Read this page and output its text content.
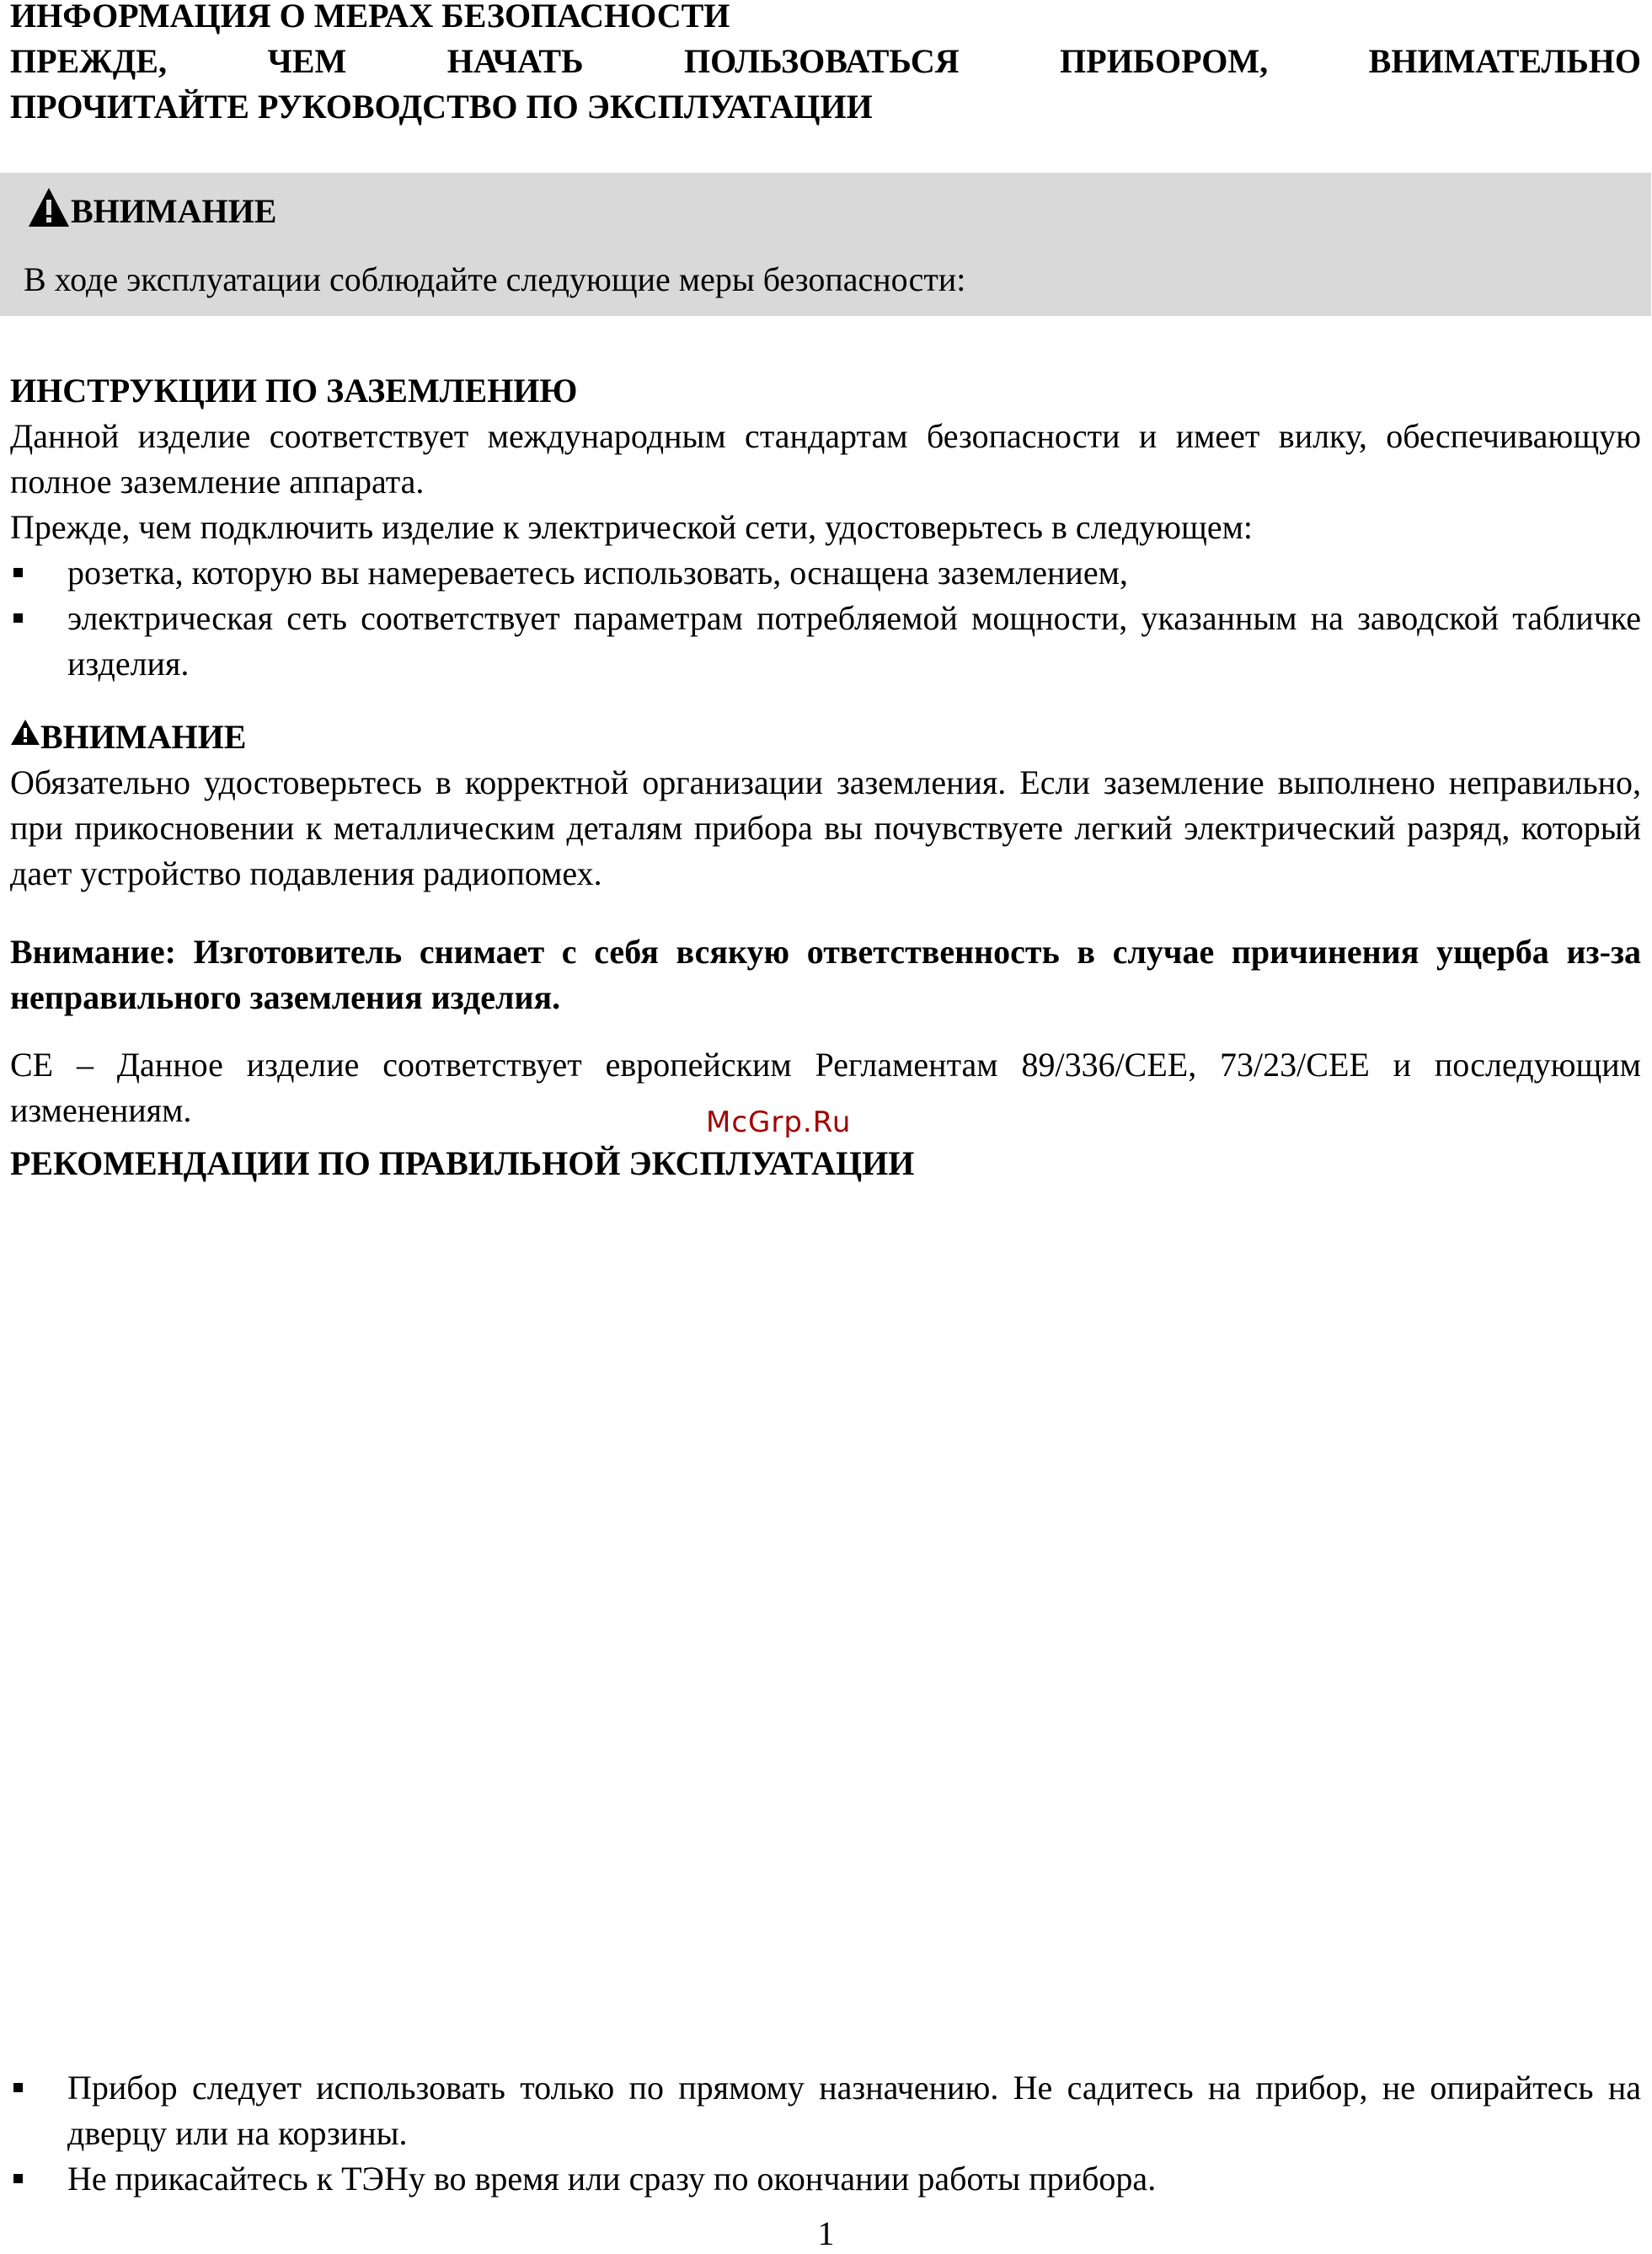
ИНФОРМАЦИЯ О МЕРАХ БЕЗОПАСНОСТИ

ПРЕЖДЕ, ЧЕМ НАЧАТЬ ПОЛЬЗОВАТЬСЯ ПРИБОРОМ, ВНИМАТЕЛЬНО

ПРОЧИТАЙТЕ РУКОВОДСТВО ПО ЭКСПЛУАТАЦИИ

ВНИМАНИЕ
В ходе эксплуатации соблюдайте следующие меры безопасности:

ИНСТРУКЦИИ ПО ЗАЗЕМЛЕНИЮ

Данной изделие соответствует международным стандартам безопасности и имеет вилку, обеспечивающую полное заземление аппарата.

Прежде, чем подключить изделие к электрической сети, удостоверьтесь в следующем:

розетка, которую вы намереваетесь использовать, оснащена заземлением,
электрическая сеть соответствует параметрам потребляемой мощности, указанным на заводской табличке изделия.
ВНИМАНИЕ

Обязательно удостоверьтесь в корректной организации заземления. Если заземление выполнено неправильно, при прикосновении к металлическим деталям прибора вы почувствуете легкий электрический разряд, который дает устройство подавления радиопомех.

Внимание: Изготовитель снимает с себя всякую ответственность в случае причинения ущерба из-за неправильного заземления изделия.

CE – Данное изделие соответствует европейским Регламентам 89/336/CEE, 73/23/CEE и последующим изменениям.

РЕКОМЕНДАЦИИ ПО ПРАВИЛЬНОЙ ЭКСПЛУАТАЦИИ

Прибор следует использовать только по прямому назначению. Не садитесь на прибор, не опирайтесь на дверцу или на корзины.
Не прикасайтесь к ТЭНу во время или сразу по окончании работы прибора.
McGrp.Ru
1
